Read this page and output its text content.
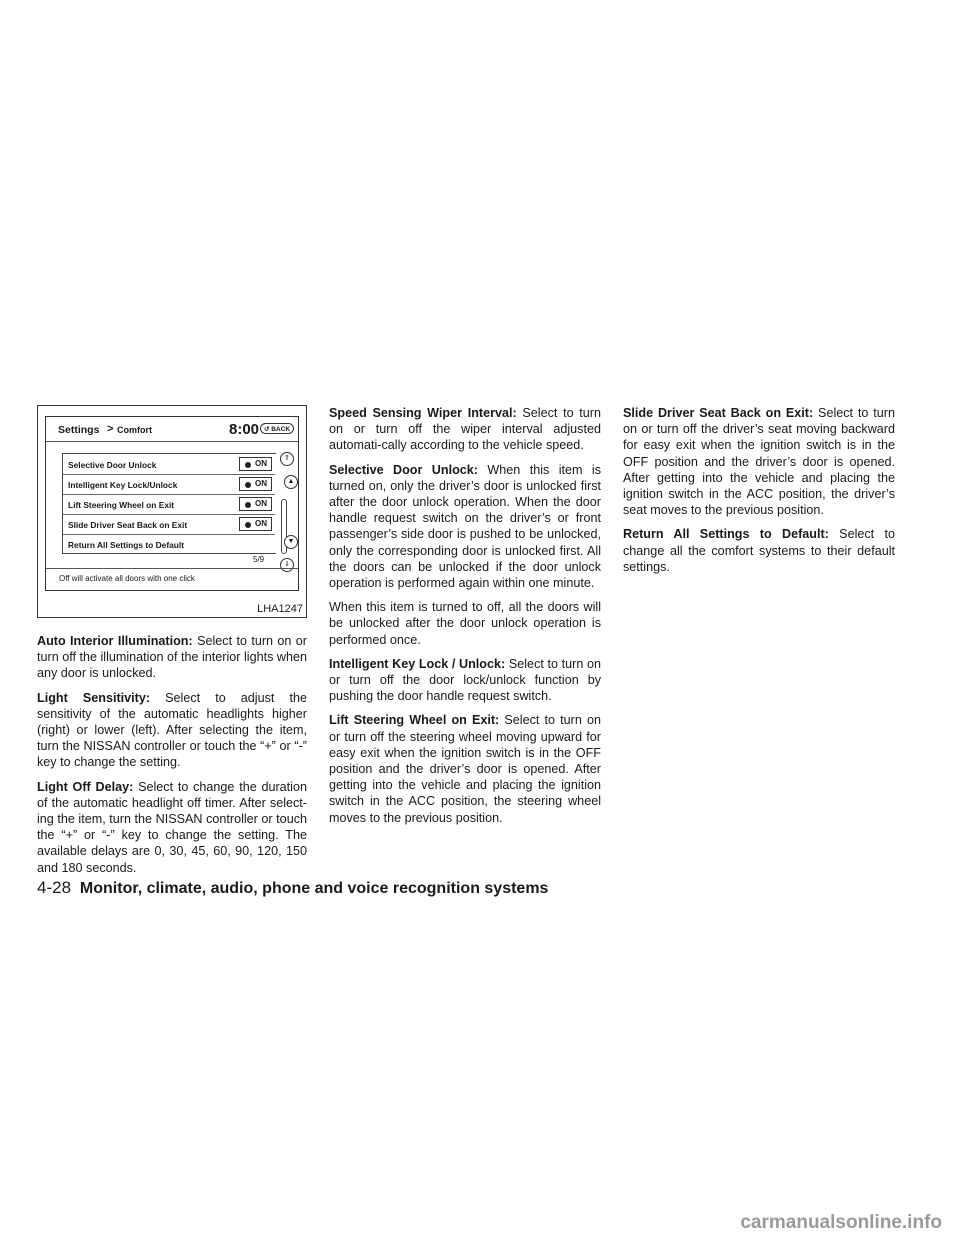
Settings > Comfort	8:00 ↺ BACK
Selective Door Unlock	ON
Intelligent Key Lock/Unlock	ON
Lift Steering Wheel on Exit	ON
Slide Driver Seat Back on Exit	ON
Return All Settings to Default
⇑
▲
▼
⇓
5/9
Off will activate all doors with one click
LHA1247

Auto Interior Illumination: Select to turn on or turn off the illumination of the interior lights when any door is unlocked.

Light Sensitivity: Select to adjust the sensitivity of the automatic headlights higher (right) or lower (left). After selecting the item, turn the NISSAN controller or touch the “+” or “-” key to change the setting.

Light Off Delay: Select to change the duration of the automatic headlight off timer. After select-ing the item, turn the NISSAN controller or touch the “+” or “-” key to change the setting. The available delays are 0, 30, 45, 60, 90, 120, 150 and 180 seconds.

Speed Sensing Wiper Interval: Select to turn on or turn off the wiper interval adjusted automati-cally according to the vehicle speed.

Selective Door Unlock: When this item is turned on, only the driver’s door is unlocked first after the door unlock operation. When the door handle request switch on the driver’s or front passenger’s side door is pushed to be unlocked, only the corresponding door is unlocked first. All the doors can be unlocked if the door unlock operation is performed again within one minute.

When this item is turned to off, all the doors will be unlocked after the door unlock operation is performed once.

Intelligent Key Lock / Unlock: Select to turn on or turn off the door lock/unlock function by pushing the door handle request switch.

Lift Steering Wheel on Exit: Select to turn on or turn off the steering wheel moving upward for easy exit when the ignition switch is in the OFF position and the driver’s door is opened. After getting into the vehicle and placing the ignition switch in the ACC position, the steering wheel moves to the previous position.

Slide Driver Seat Back on Exit: Select to turn on or turn off the driver’s seat moving backward for easy exit when the ignition switch is in the OFF position and the driver’s door is opened. After getting into the vehicle and placing the ignition switch in the ACC position, the driver’s seat moves to the previous position.

Return All Settings to Default: Select to change all the comfort systems to their default settings.

4-28 Monitor, climate, audio, phone and voice recognition systems
carmanualsonline.info
